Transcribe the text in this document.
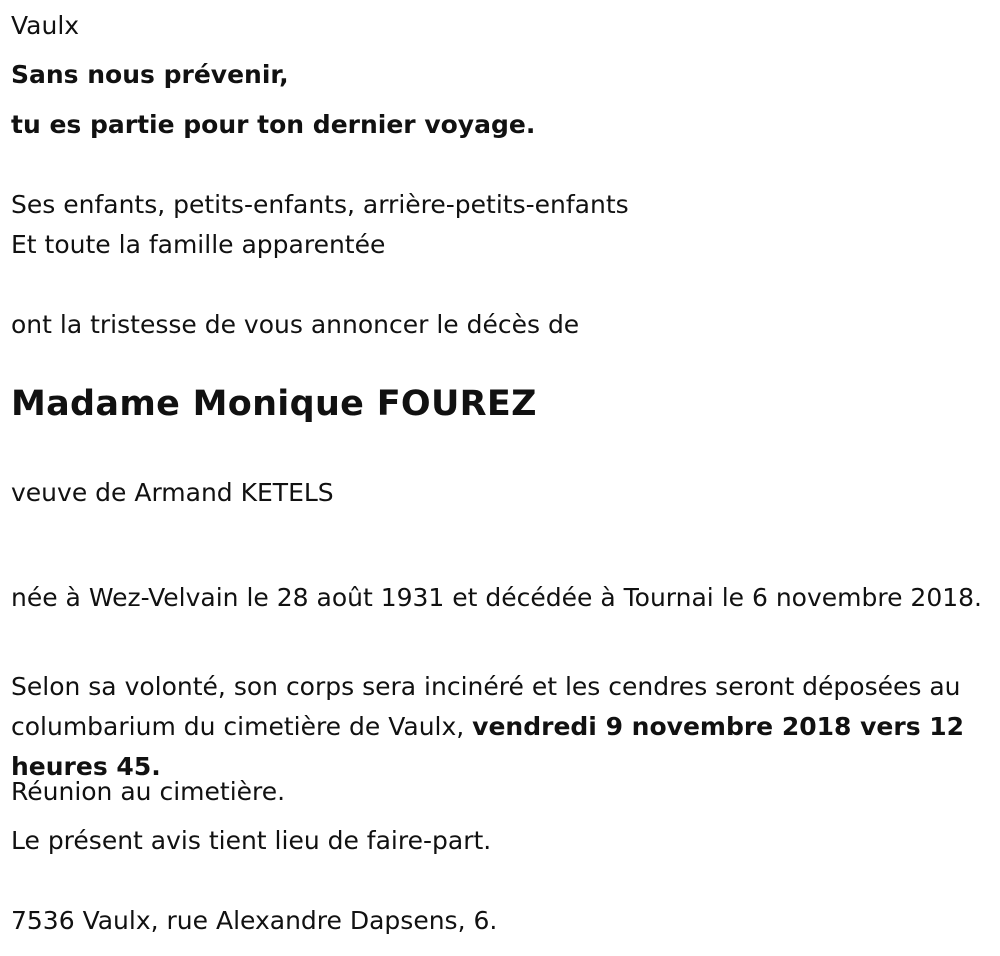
Vaulx

Sans nous prévenir,

tu es partie pour ton dernier voyage.

Ses enfants, petits-enfants, arrière-petits-enfants

Et toute la famille apparentée

ont la tristesse de vous annoncer le décès de

Madame Monique FOUREZ

veuve de Armand KETELS

née à Wez-Velvain le 28 août 1931 et décédée à Tournai le 6 novembre 2018.

Selon sa volonté, son corps sera incinéré et les cendres seront déposées au columbarium du cimetière de Vaulx, vendredi 9 novembre 2018 vers 12 heures 45.

Réunion au cimetière.

Le présent avis tient lieu de faire-part.

7536 Vaulx, rue Alexandre Dapsens, 6.
